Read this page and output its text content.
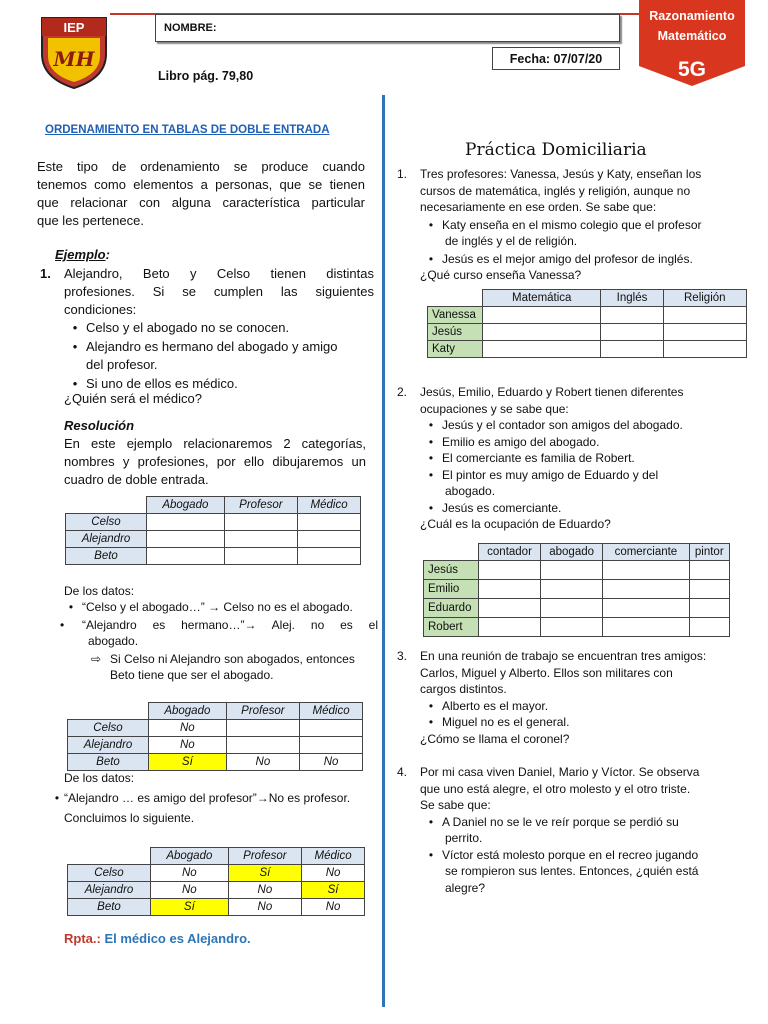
IEP
MH
NOMBRE:
Fecha: 07/07/20
Libro pág. 79,80
Razonamiento
Matemático
5G
ORDENAMIENTO EN TABLAS DE DOBLE ENTRADA
Este tipo de ordenamiento se produce cuando
tenemos como elementos a personas, que se tienen
que relacionar con alguna característica particular
que les pertenece.
Ejemplo:
1. Alejandro, Beto y Celso tienen distintas
profesiones. Si se cumplen las siguientes
condiciones:
• Celso y el abogado no se conocen.
• Alejandro es hermano del abogado y amigo
del profesor.
• Si uno de ellos es médico.
¿Quién será el médico?
Resolución
En este ejemplo relacionaremos 2 categorías,
nombres y profesiones, por ello dibujaremos un
cuadro de doble entrada.
	Abogado	Profesor	Médico
Celso			
Alejandro			
Beto			
De los datos:
• “Celso y el abogado…” → Celso no es el abogado.
• “Alejandro es hermano…”→ Alej. no es el
abogado.
⇨ Si Celso ni Alejandro son abogados, entonces
Beto tiene que ser el abogado.
	Abogado	Profesor	Médico
Celso	No		
Alejandro	No		
Beto	Sí	No	No
De los datos:
• “Alejandro … es amigo del profesor”→No es profesor.
Concluimos lo siguiente.
	Abogado	Profesor	Médico
Celso	No	Sí	No
Alejandro	No	No	Sí
Beto	Sí	No	No
Rpta.: El médico es Alejandro.
Práctica Domiciliaria
1. Tres profesores: Vanessa, Jesús y Katy, enseñan los
cursos de matemática, inglés y religión, aunque no
necesariamente en ese orden. Se sabe que:
• Katy enseña en el mismo colegio que el profesor
de inglés y el de religión.
• Jesús es el mejor amigo del profesor de inglés.
¿Qué curso enseña Vanessa?
	Matemática	Inglés	Religión
Vanessa			
Jesús			
Katy			
2. Jesús, Emilio, Eduardo y Robert tienen diferentes
ocupaciones y se sabe que:
• Jesús y el contador son amigos del abogado.
• Emilio es amigo del abogado.
• El comerciante es familia de Robert.
• El pintor es muy amigo de Eduardo y del
abogado.
• Jesús es comerciante.
¿Cuál es la ocupación de Eduardo?
	contador	abogado	comerciante	pintor
Jesús				
Emilio				
Eduardo				
Robert				
3. En una reunión de trabajo se encuentran tres amigos:
Carlos, Miguel y Alberto. Ellos son militares con
cargos distintos.
• Alberto es el mayor.
• Miguel no es el general.
¿Cómo se llama el coronel?
4. Por mi casa viven Daniel, Mario y Víctor. Se observa
que uno está alegre, el otro molesto y el otro triste.
Se sabe que:
• A Daniel no se le ve reír porque se perdió su
perrito.
• Víctor está molesto porque en el recreo jugando
se rompieron sus lentes. Entonces, ¿quién está
alegre?
